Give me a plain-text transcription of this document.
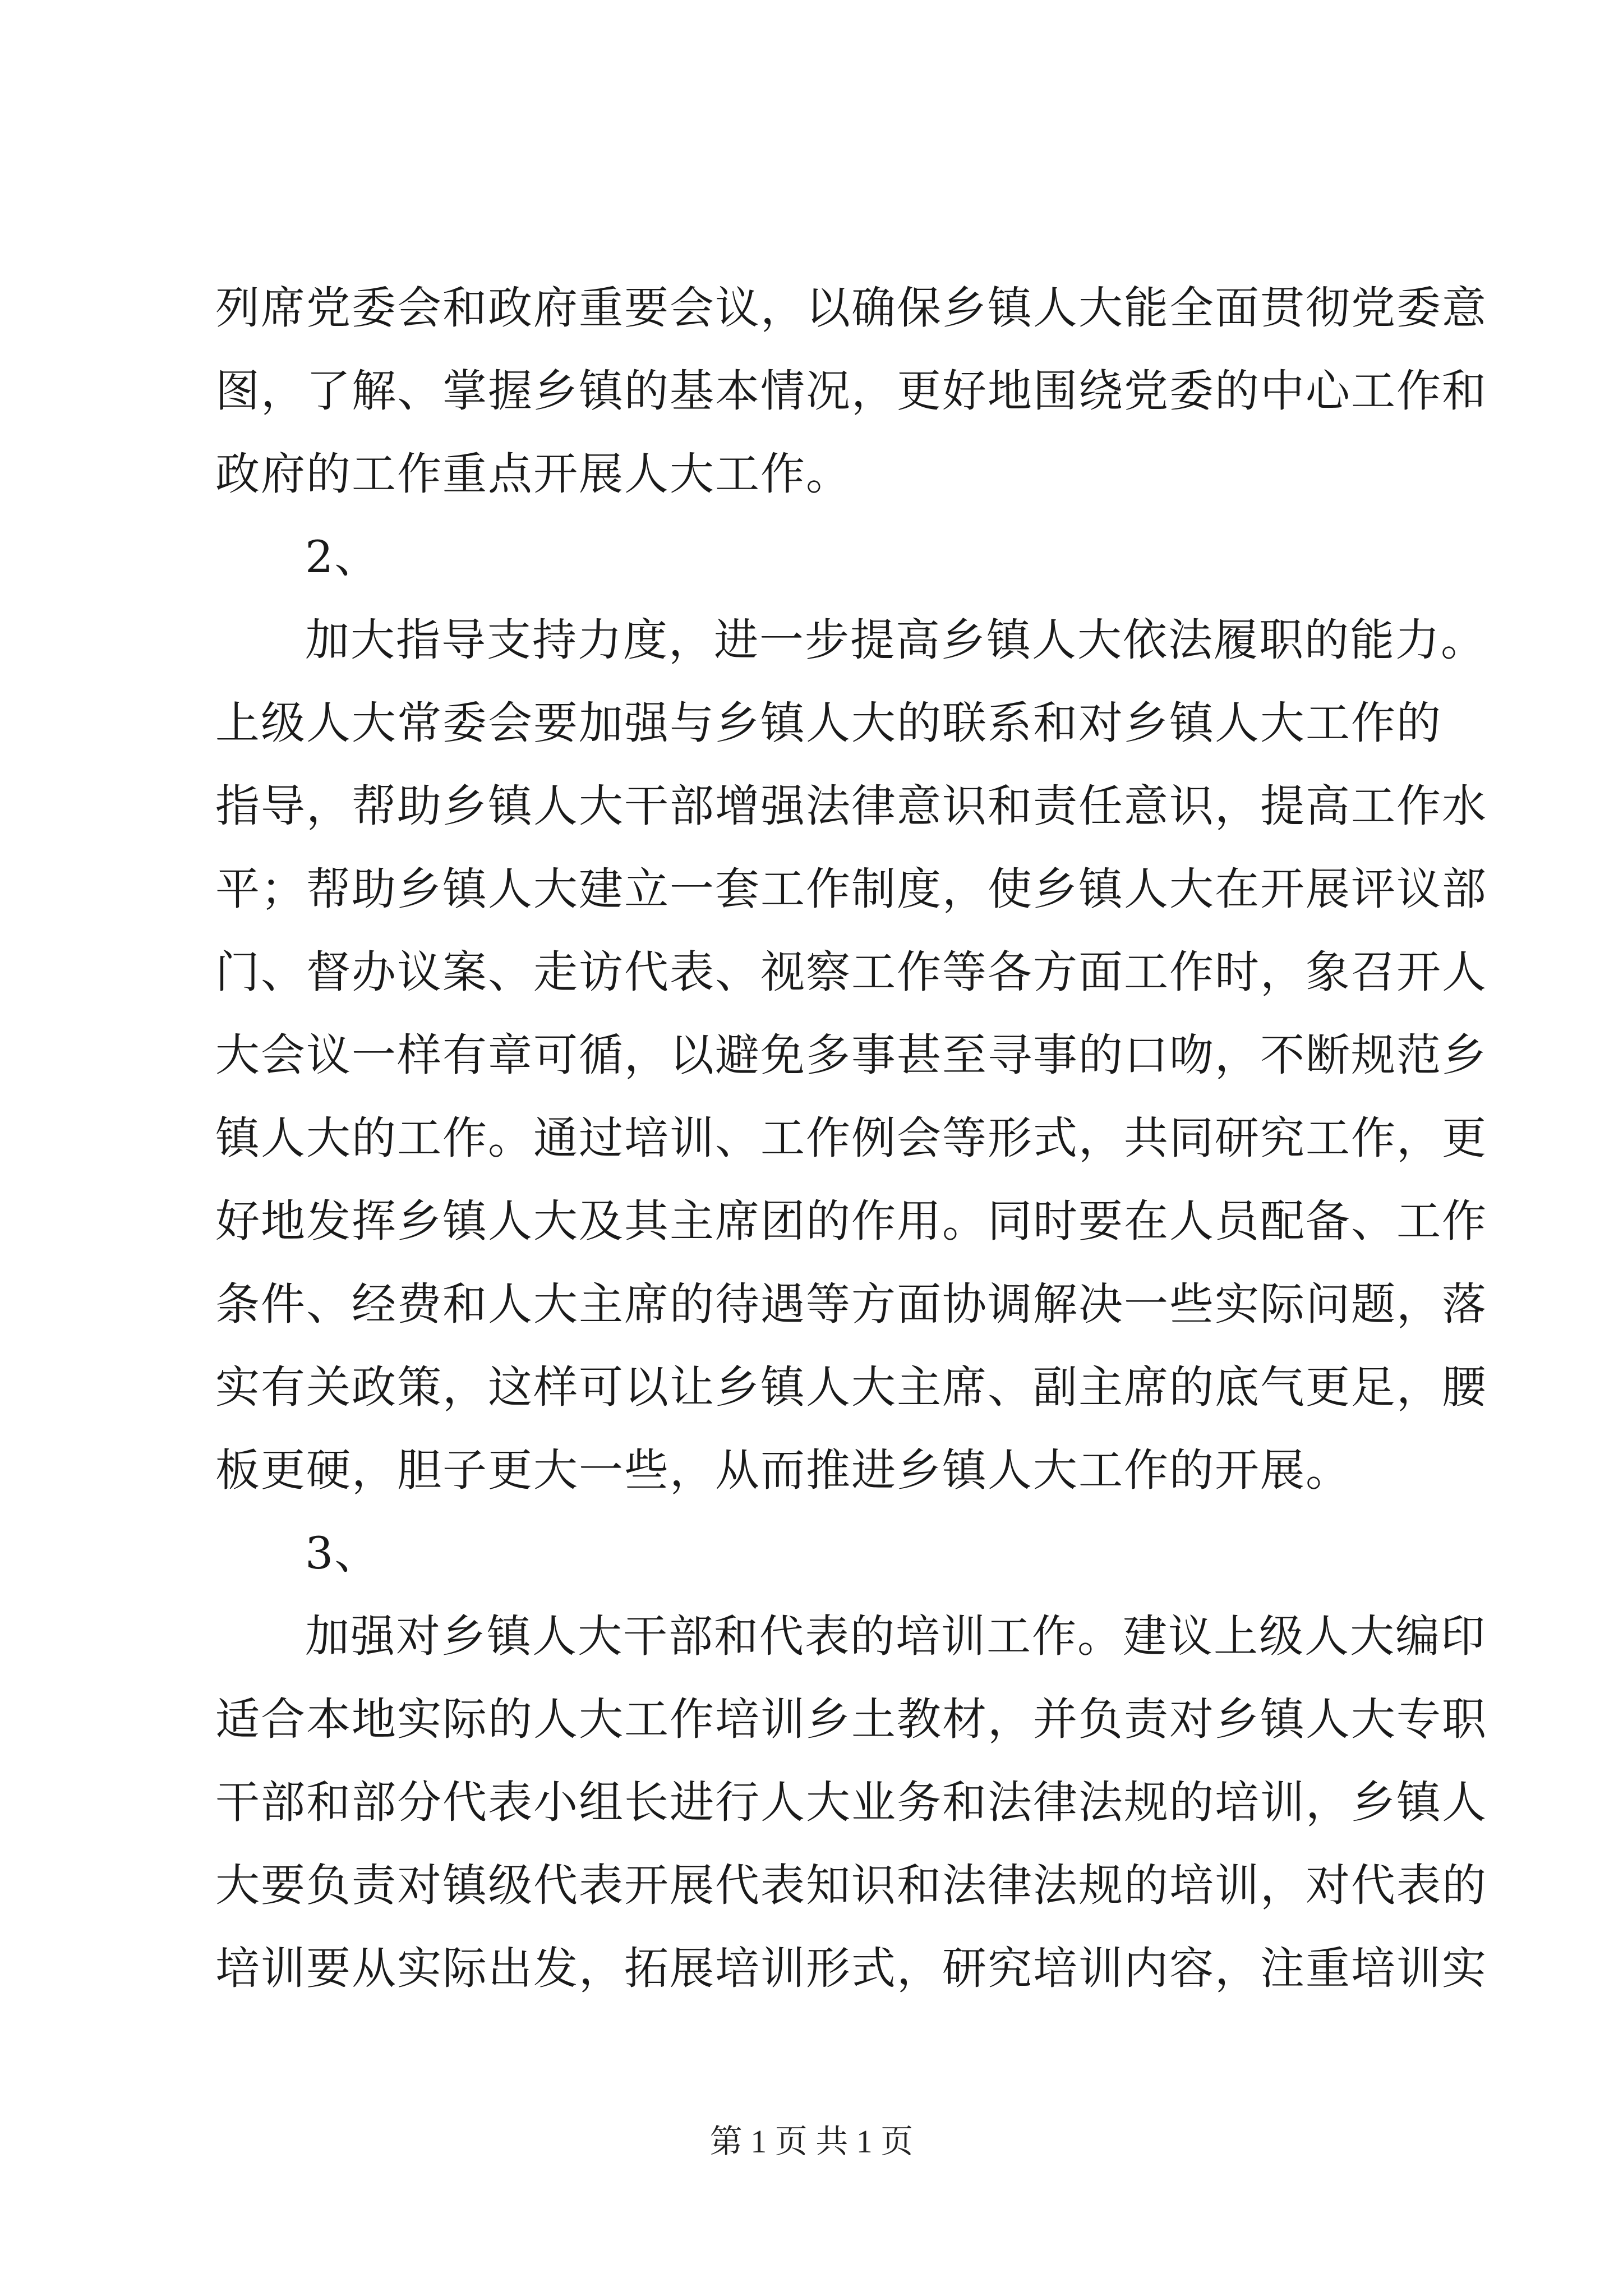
列席党委会和政府重要会议，以确保乡镇人大能全面贯彻党委意
图，了解、掌握乡镇的基本情况，更好地围绕党委的中心工作和
政府的工作重点开展人大工作。
2、
加大指导支持力度，进一步提高乡镇人大依法履职的能力。
上级人大常委会要加强与乡镇人大的联系和对乡镇人大工作的
指导，帮助乡镇人大干部增强法律意识和责任意识，提高工作水
平；帮助乡镇人大建立一套工作制度，使乡镇人大在开展评议部
门、督办议案、走访代表、视察工作等各方面工作时，象召开人
大会议一样有章可循，以避免多事甚至寻事的口吻，不断规范乡
镇人大的工作。通过培训、工作例会等形式，共同研究工作，更
好地发挥乡镇人大及其主席团的作用。同时要在人员配备、工作
条件、经费和人大主席的待遇等方面协调解决一些实际问题，落
实有关政策，这样可以让乡镇人大主席、副主席的底气更足，腰
板更硬，胆子更大一些，从而推进乡镇人大工作的开展。
3、
加强对乡镇人大干部和代表的培训工作。建议上级人大编印
适合本地实际的人大工作培训乡土教材，并负责对乡镇人大专职
干部和部分代表小组长进行人大业务和法律法规的培训，乡镇人
大要负责对镇级代表开展代表知识和法律法规的培训，对代表的
培训要从实际出发，拓展培训形式，研究培训内容，注重培训实
第 1 页 共 1 页
